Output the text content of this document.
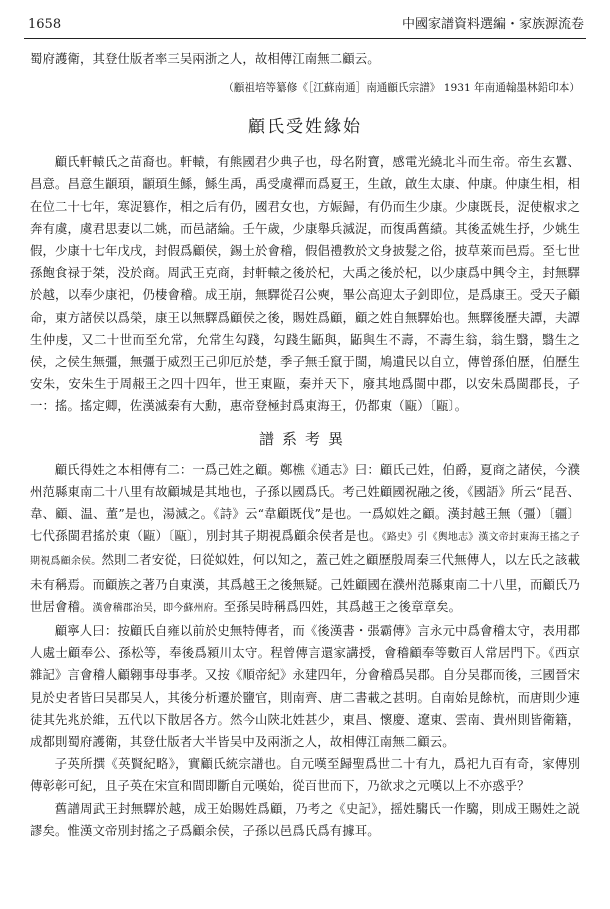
1658	中國家譜資料選編・家族源流卷

蜀府護衛，其登仕版者率三吴兩浙之人，故相傳江南無二顧云。

（顧祖培等纂修《［江蘇南通］南通顧氏宗譜》 1931 年南通翰墨林鉛印本）

顧氏受姓緣始

顧氏軒轅氏之苗裔也。軒轅，有熊國君少典子也，母名附寶，感電光繞北斗而生帝。帝生玄囂、昌意。昌意生顓頊，顓頊生鯀，鯀生禹，禹受虞禪而爲夏王，生啟，啟生太康、仲康。仲康生相，相在位二十七年，寒浞篡作，相之后有仍，國君女也，方娠歸，有仍而生少康。少康既長，浞使椒求之奔有虞，虞君思妻以二姚，而邑諸綸。壬午歲，少康舉兵滅浞，而復禹舊績。其後孟姚生抒，少姚生假，少康十七年戊戌，封假爲顧侯，錫土於會稽，假倡禮教於文身披髮之俗，披草萊而邑焉。至七世孫飽食禄于桀，没於商。周武王克商，封軒轅之後於杞，大禹之後於杞，以少康爲中興令主，封無驛於越，以奉少康祀，仍棲會稽。成王崩，無驛從召公奭，畢公高迎太子釗即位，是爲康王。受天子顧命，東方諸侯以爲榮，康王以無驛爲顧侯之後，賜姓爲顧，顧之姓自無驛始也。無驛後歷夫譚，夫譚生仲虔，又二十世而至允常，允常生勾踐，勾踐生鼫與，鼫與生不壽，不壽生翁，翁生翳，翳生之侯，之侯生無彊，無彊于威烈王己卯厄於楚，季子無壬竄于閩，鳩遺民以自立，傳曾孫伯歷，伯歷生安朱，安朱生于周赧王之四十四年，世王東甌，秦并天下，廢其地爲閩中郡，以安朱爲閩郡長，子一：搖。搖定卿，佐漢滅秦有大勳，惠帝登極封爲東海王，仍都東（甌）〔甌〕。

譜系考異

顧氏得姓之本相傳有二：一爲己姓之顧。鄭樵《通志》曰：顧氏己姓，伯爵，夏商之諸侯，今濮州范縣東南二十八里有故顧城是其地也，子孫以國爲氏。考己姓顧國祝融之後，《國語》所云“昆吾、韋、顧、温、董”是也，湯滅之。《詩》云“韋顧既伐”是也。一爲姒姓之顧。漢封越王無（彊）〔疆〕七代孫閩君搖於東（甌）〔甌〕，別封其子期視爲顧余侯者是也。《路史》引《輿地志》漢文帝封東海王搖之子期視爲顧余侯。然則二者安從，曰從姒姓，何以知之，蓋己姓之顧歷殷周秦三代無傳人，以左氏之該載未有稱焉。而顧族之著乃自東漢，其爲越王之後無疑。己姓顧國在濮州范縣東南二十八里，而顧氏乃世居會稽。漢會稽郡治吴，即今蘇州府。至孫吴時稱爲四姓，其爲越王之後章章矣。

顧寧人曰：按顧氏自雍以前於史無特傳者，而《後漢書・張霸傳》言永元中爲會稽太守，表用郡人處士顧奉公、孫松等，奉後爲潁川太守。程曾傳言還家講授，會稽顧奉等數百人常居門下。《西京雜記》言會稽人顧翱事母事孝。又按《順帝紀》永建四年，分會稽爲吴郡。自分吴郡而後，三國晉宋見於史者皆曰吴郡吴人，其後分析遷於鹽官，則南齊、唐二書載之甚明。自南始見餘杭，而唐則少連徒其先兆於維，五代以下散居各方。然今山陝北姓甚少，東昌、懷慶、遼東、雲南、貴州則皆衛籍，成都則蜀府護衛，其登仕版者大半皆吴中及兩浙之人，故相傳江南無二顧云。

子英所撰《英賢紀略》，實顧氏統宗譜也。自元嘆至歸聖爲世二十有九，爲祀九百有奇，家傳別傳彰彰可紀，且子英在宋宣和間即斷自元嘆始，從百世而下，乃欲求之元嘆以上不亦惑乎？

舊譜周武王封無驛於越，成王始賜姓爲顧，乃考之《史記》，摇姓騶氏一作騶，則成王賜姓之説謬矣。惟漢文帝別封搖之子爲顧余侯，子孫以邑爲氏爲有據耳。
